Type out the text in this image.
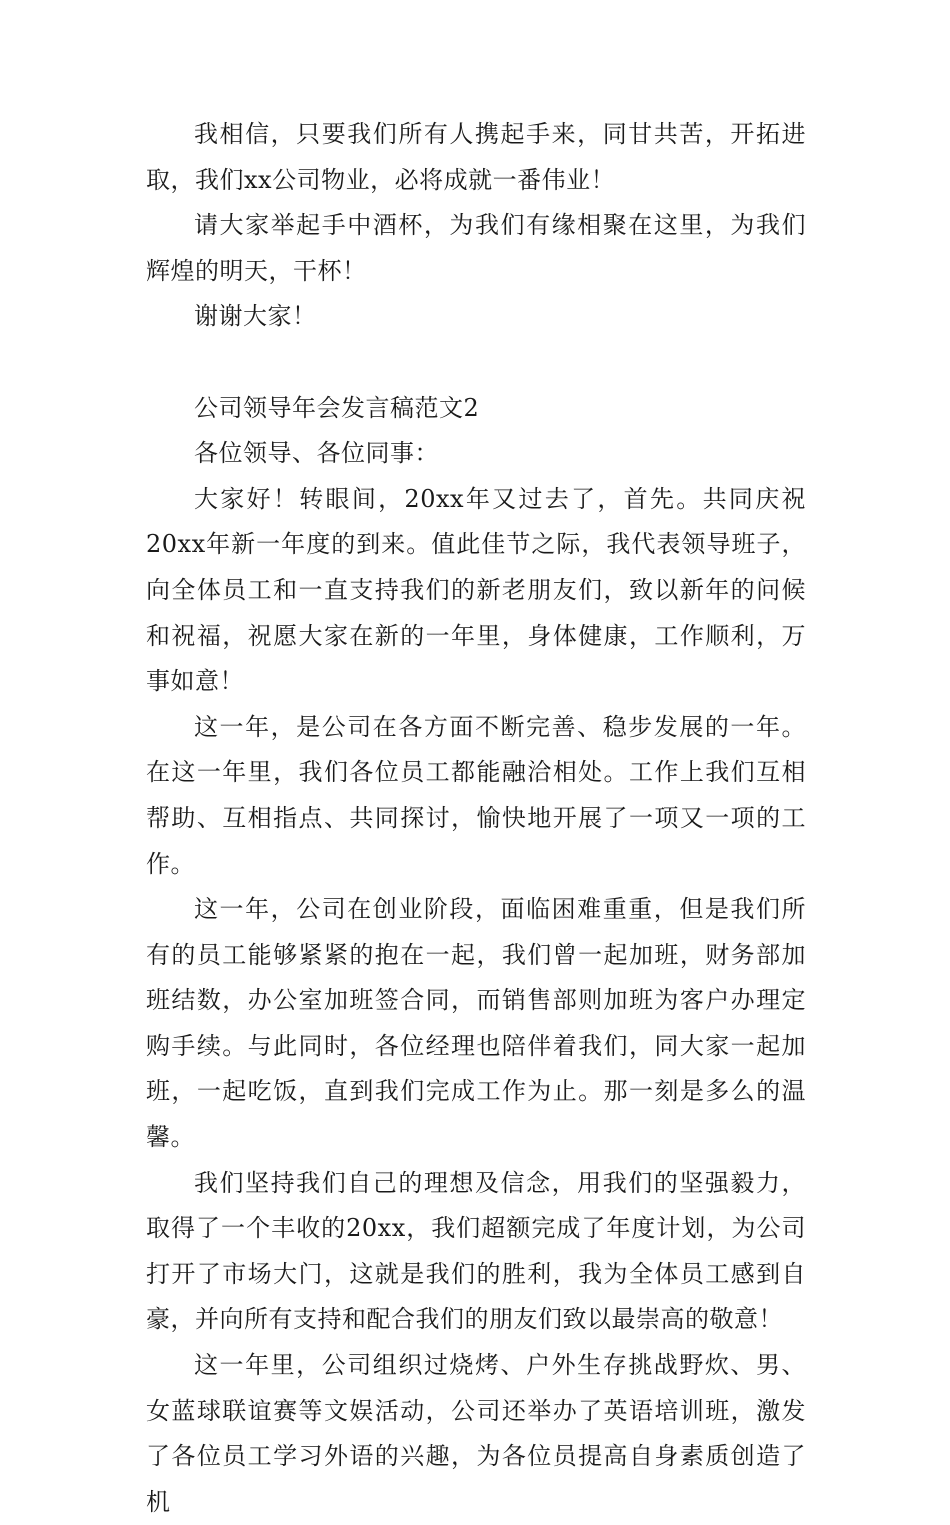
我相信，只要我们所有人携起手来，同甘共苦，开拓进取，我们xx公司物业，必将成就一番伟业！

请大家举起手中酒杯，为我们有缘相聚在这里，为我们辉煌的明天，干杯！

谢谢大家！

公司领导年会发言稿范文2

各位领导、各位同事：

大家好！转眼间，20xx年又过去了，首先。共同庆祝20xx年新一年度的到来。值此佳节之际，我代表领导班子，向全体员工和一直支持我们的新老朋友们，致以新年的问候和祝福，祝愿大家在新的一年里，身体健康，工作顺利，万事如意！

这一年，是公司在各方面不断完善、稳步发展的一年。在这一年里，我们各位员工都能融洽相处。工作上我们互相帮助、互相指点、共同探讨，愉快地开展了一项又一项的工作。

这一年，公司在创业阶段，面临困难重重，但是我们所有的员工能够紧紧的抱在一起，我们曾一起加班，财务部加班结数，办公室加班签合同，而销售部则加班为客户办理定购手续。与此同时，各位经理也陪伴着我们，同大家一起加班，一起吃饭，直到我们完成工作为止。那一刻是多么的温馨。

我们坚持我们自己的理想及信念，用我们的坚强毅力，取得了一个丰收的20xx，我们超额完成了年度计划，为公司打开了市场大门，这就是我们的胜利，我为全体员工感到自豪，并向所有支持和配合我们的朋友们致以最崇高的敬意！

这一年里，公司组织过烧烤、户外生存挑战野炊、男、女蓝球联谊赛等文娱活动，公司还举办了英语培训班，激发了各位员工学习外语的兴趣，为各位员提高自身素质创造了机
